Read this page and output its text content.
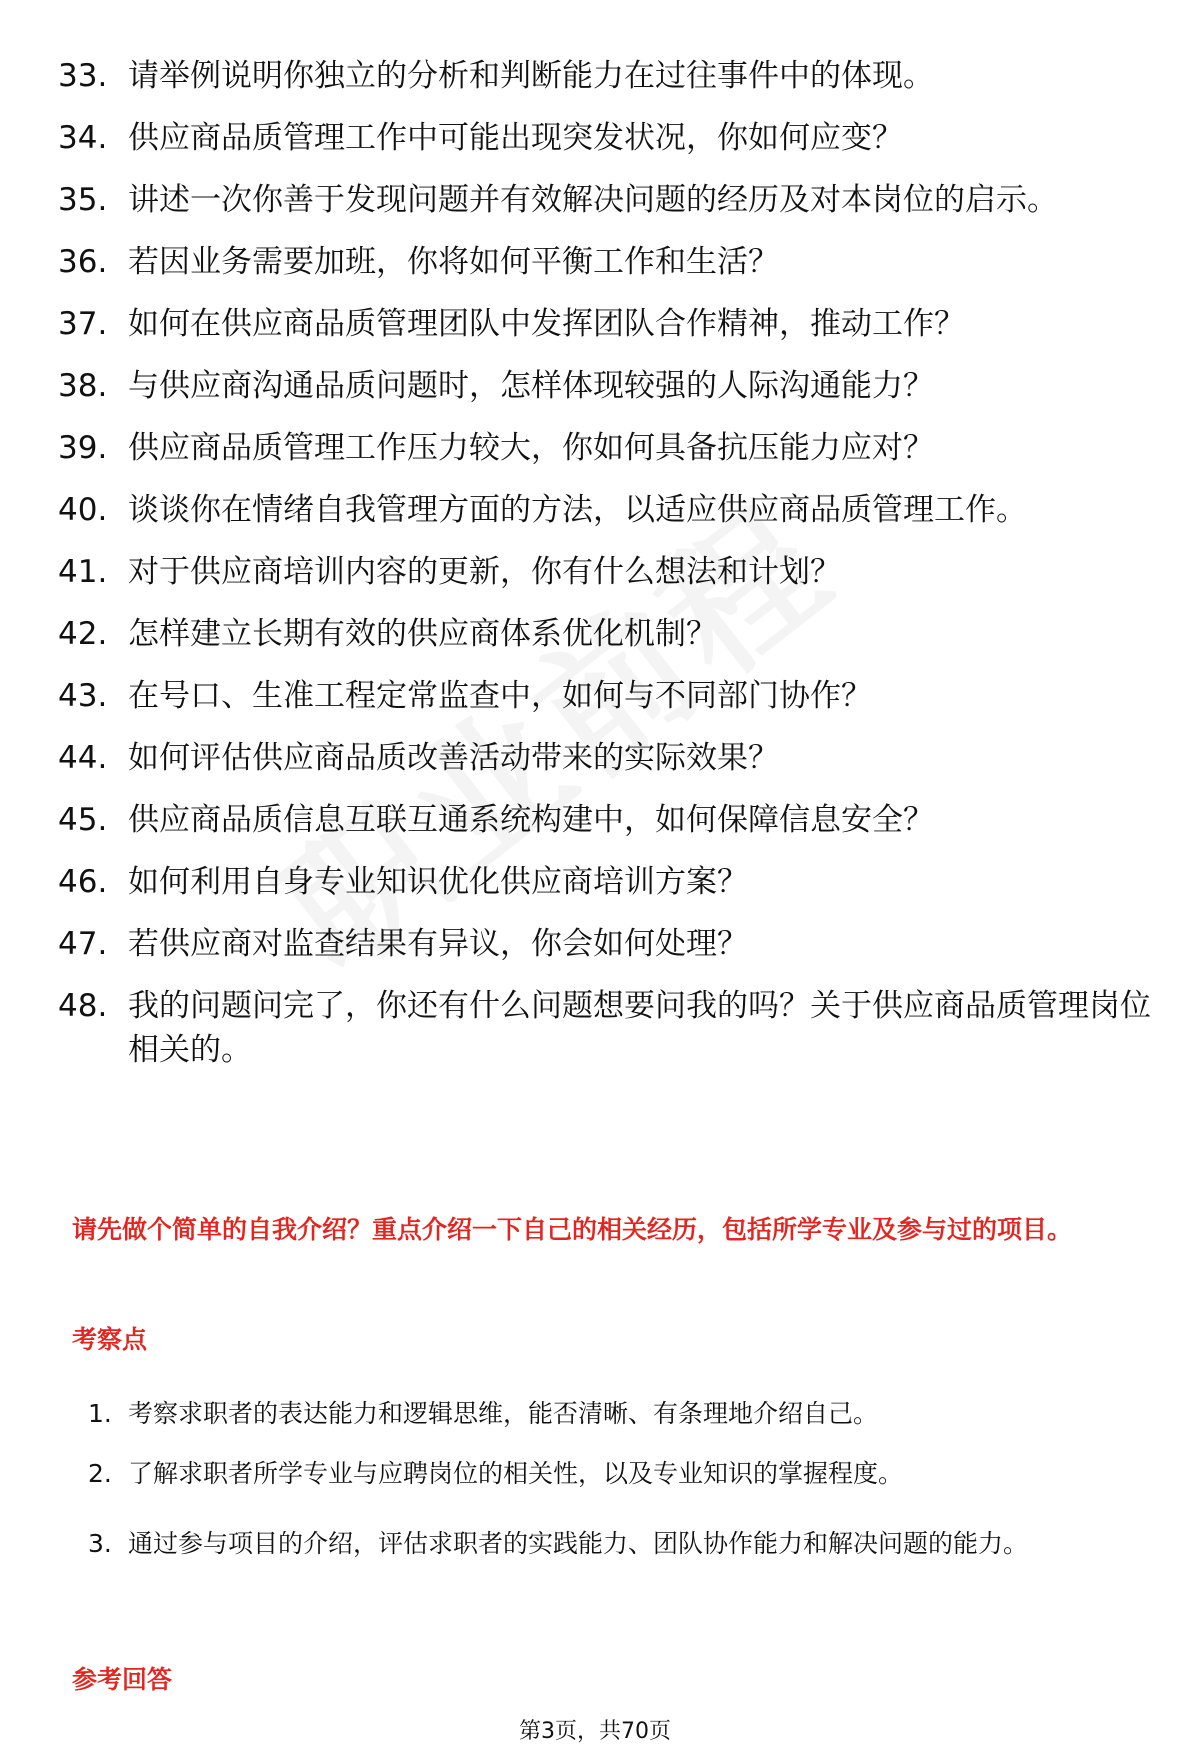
33. 请举例说明你独立的分析和判断能力在过往事件中的体现。
34. 供应商品质管理工作中可能出现突发状况，你如何应变？
35. 讲述一次你善于发现问题并有效解决问题的经历及对本岗位的启示。
36. 若因业务需要加班，你将如何平衡工作和生活？
37. 如何在供应商品质管理团队中发挥团队合作精神，推动工作？
38. 与供应商沟通品质问题时，怎样体现较强的人际沟通能力？
39. 供应商品质管理工作压力较大，你如何具备抗压能力应对？
40. 谈谈你在情绪自我管理方面的方法，以适应供应商品质管理工作。
41. 对于供应商培训内容的更新，你有什么想法和计划？
42. 怎样建立长期有效的供应商体系优化机制？
43. 在号口、生准工程定常监查中，如何与不同部门协作？
44. 如何评估供应商品质改善活动带来的实际效果？
45. 供应商品质信息互联互通系统构建中，如何保障信息安全？
46. 如何利用自身专业知识优化供应商培训方案？
47. 若供应商对监查结果有异议，你会如何处理？
48. 我的问题问完了，你还有什么问题想要问我的吗？关于供应商品质管理岗位相关的。

请先做个简单的自我介绍？重点介绍一下自己的相关经历，包括所学专业及参与过的项目。

考察点

1. 考察求职者的表达能力和逻辑思维，能否清晰、有条理地介绍自己。
2. 了解求职者所学专业与应聘岗位的相关性，以及专业知识的掌握程度。
3. 通过参与项目的介绍，评估求职者的实践能力、团队协作能力和解决问题的能力。

参考回答

第3页，共70页
